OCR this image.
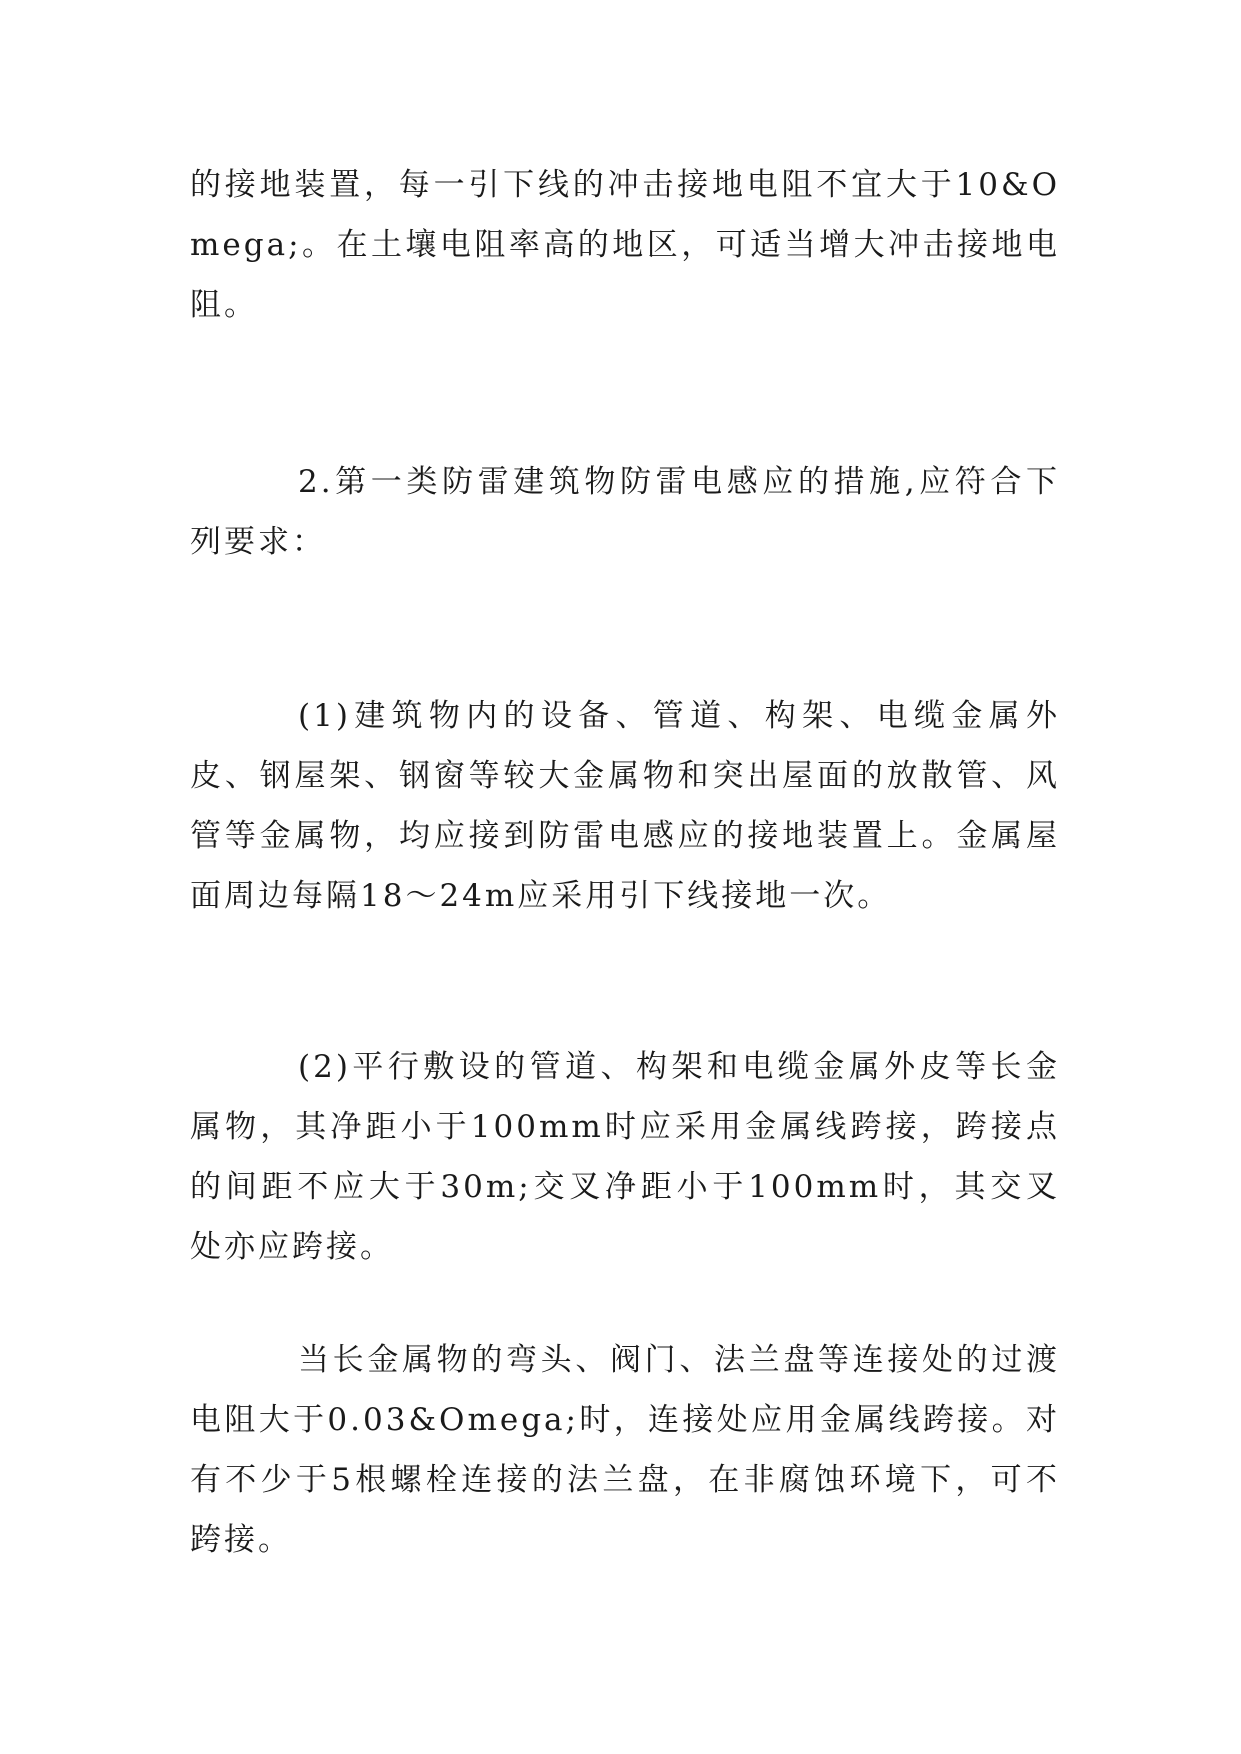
的接地装置，每一引下线的冲击接地电阻不宜大于10&Omega;。在土壤电阻率高的地区，可适当增大冲击接地电阻。

2.第一类防雷建筑物防雷电感应的措施,应符合下列要求：

(1)建筑物内的设备、管道、构架、电缆金属外皮、钢屋架、钢窗等较大金属物和突出屋面的放散管、风管等金属物，均应接到防雷电感应的接地装置上。金属屋面周边每隔18～24m应采用引下线接地一次。

(2)平行敷设的管道、构架和电缆金属外皮等长金属物，其净距小于100mm时应采用金属线跨接，跨接点的间距不应大于30m;交叉净距小于100mm时，其交叉处亦应跨接。

当长金属物的弯头、阀门、法兰盘等连接处的过渡电阻大于0.03&Omega;时，连接处应用金属线跨接。对有不少于5根螺栓连接的法兰盘，在非腐蚀环境下，可不跨接。
